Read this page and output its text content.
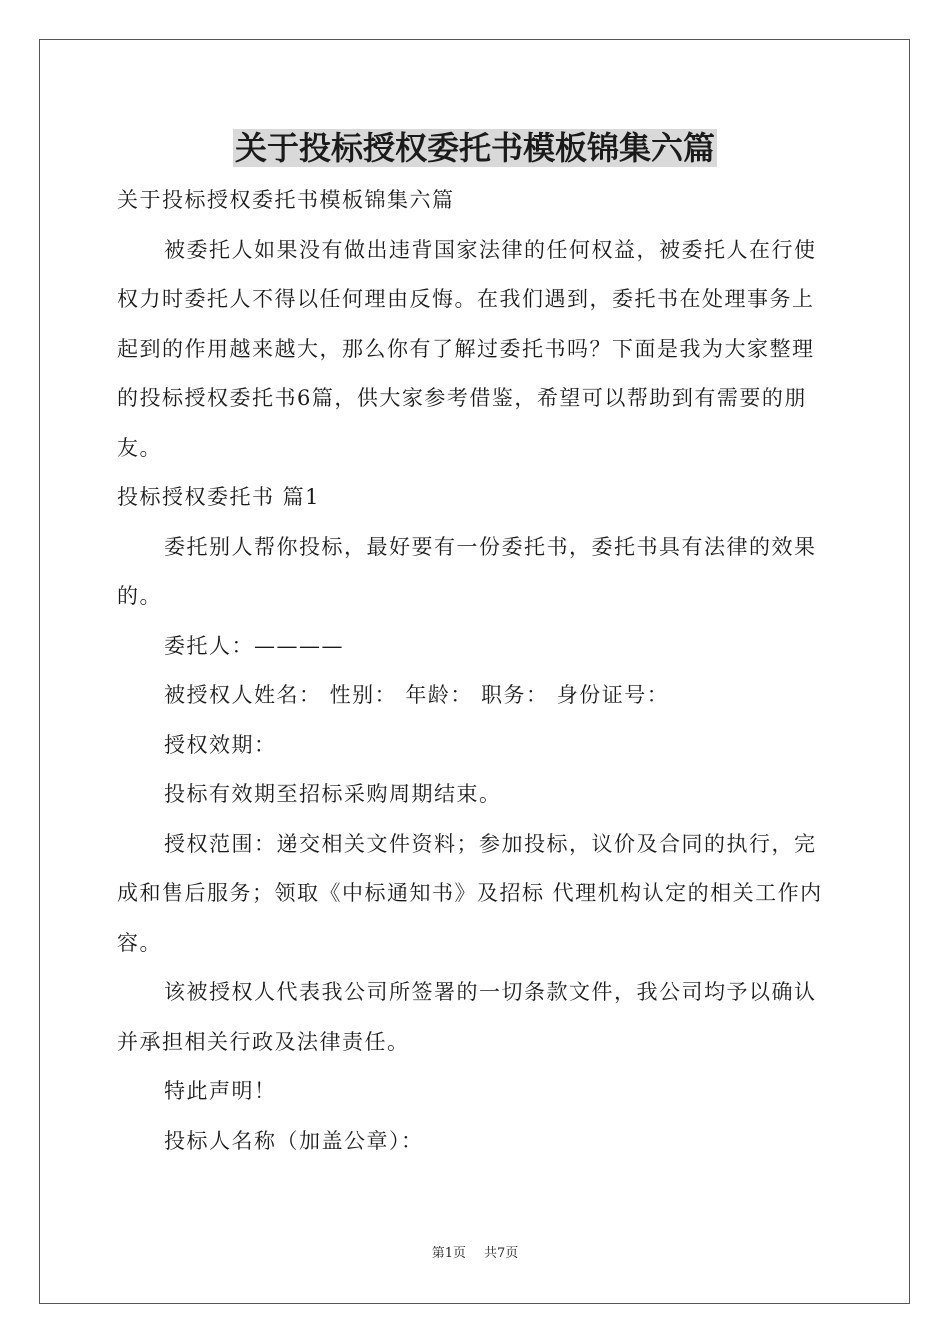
关于投标授权委托书模板锦集六篇

关于投标授权委托书模板锦集六篇

被委托人如果没有做出违背国家法律的任何权益，被委托人在行使权力时委托人不得以任何理由反悔。在我们遇到，委托书在处理事务上起到的作用越来越大，那么你有了解过委托书吗？下面是我为大家整理的投标授权委托书6篇，供大家参考借鉴，希望可以帮助到有需要的朋友。

投标授权委托书 篇1

委托别人帮你投标，最好要有一份委托书，委托书具有法律的效果的。

委托人：————

被授权人姓名： 性别： 年龄： 职务： 身份证号：

授权效期：

投标有效期至招标采购周期结束。

授权范围：递交相关文件资料；参加投标，议价及合同的执行，完成和售后服务；领取《中标通知书》及招标 代理机构认定的相关工作内容。

该被授权人代表我公司所签署的一切条款文件，我公司均予以确认并承担相关行政及法律责任。

特此声明！

投标人名称（加盖公章）：

第1页 共7页
